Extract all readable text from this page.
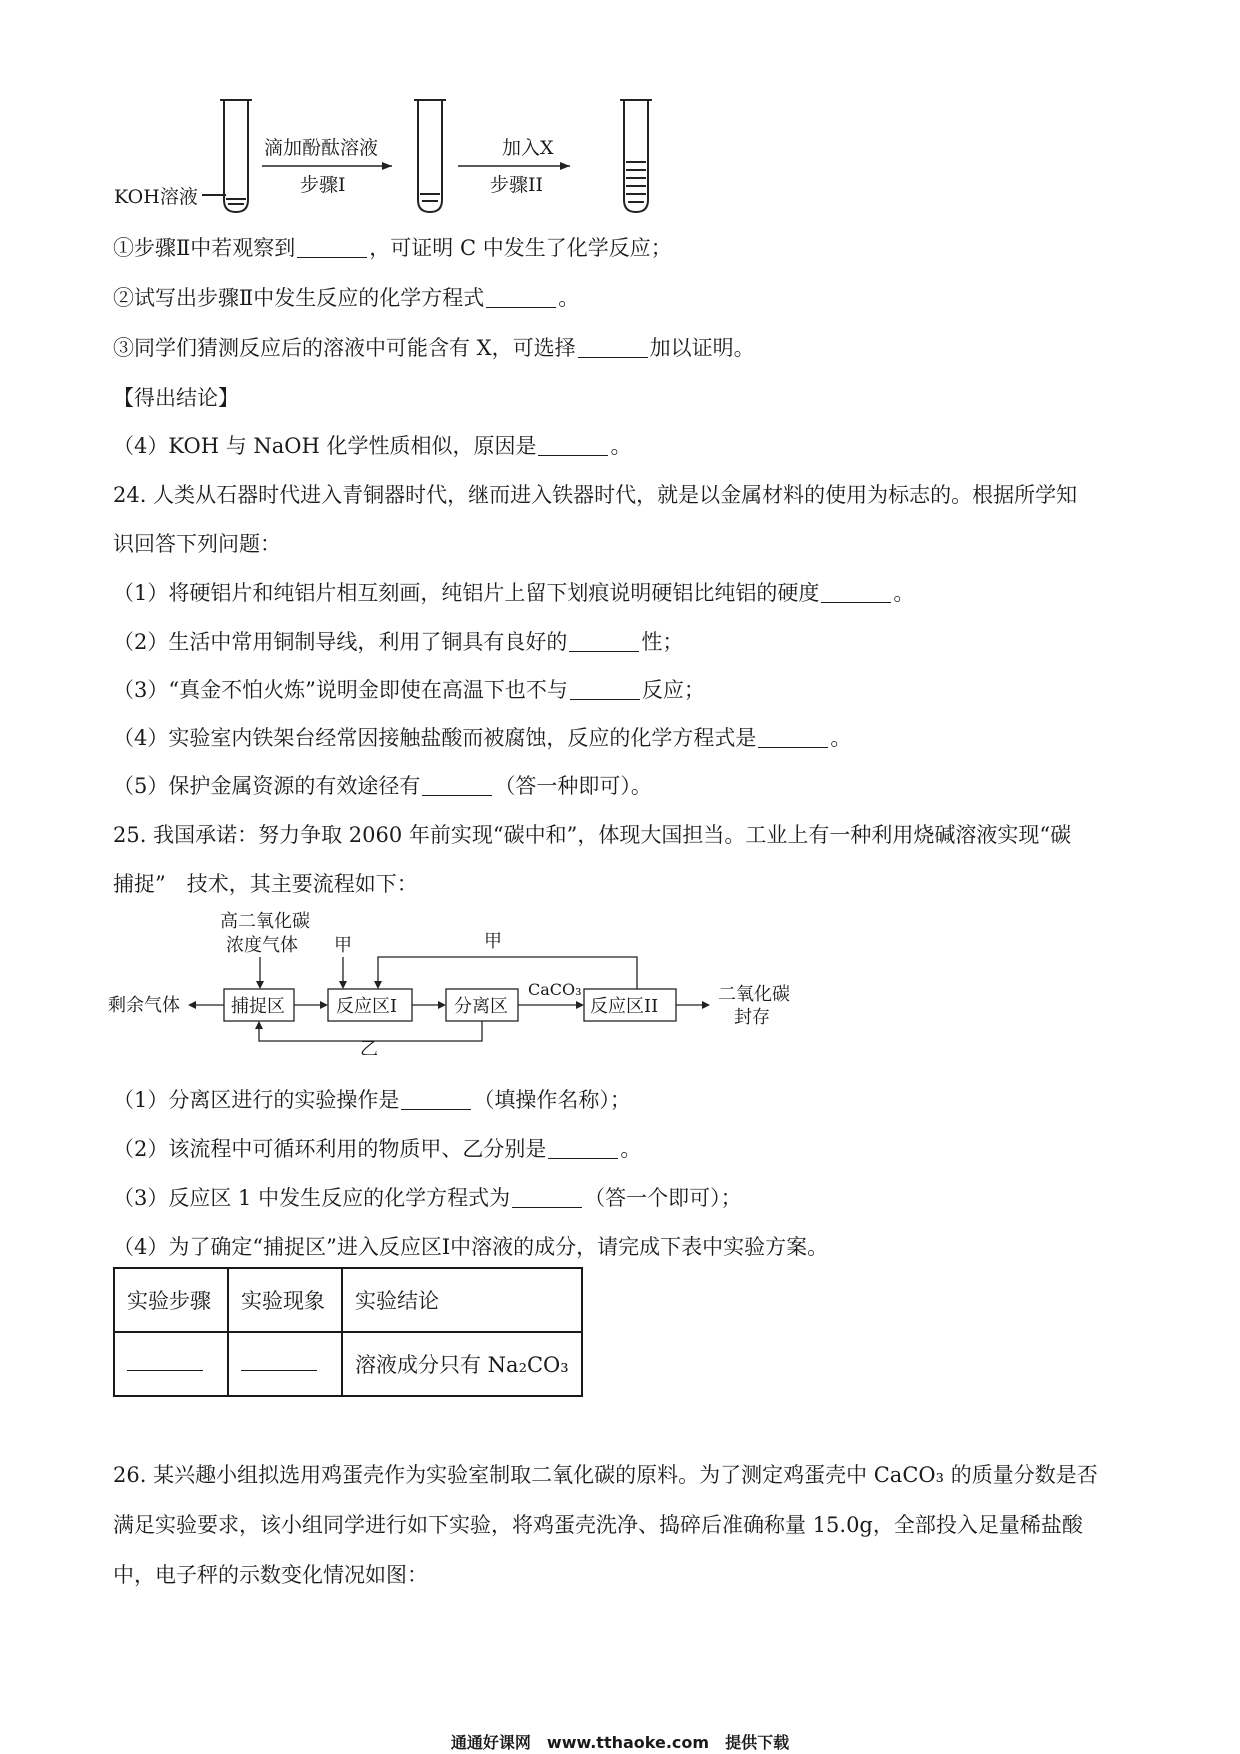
KOH溶液
滴加酚酞溶液
步骤I
加入X
步骤II
①步骤Ⅱ中若观察到	，可证明 C 中发生了化学反应；
②试写出步骤Ⅱ中发生反应的化学方程式	。
③同学们猜测反应后的溶液中可能含有 X，可选择	加以证明。
【得出结论】
（4）KOH 与 NaOH 化学性质相似，原因是	。
24. 人类从石器时代进入青铜器时代，继而进入铁器时代，就是以金属材料的使用为标志的。根据所学知
识回答下列问题：
（1）将硬铝片和纯铝片相互刻画，纯铝片上留下划痕说明硬铝比纯铝的硬度	。
（2）生活中常用铜制导线，利用了铜具有良好的	性；
（3）“真金不怕火炼”说明金即使在高温下也不与	反应；
（4）实验室内铁架台经常因接触盐酸而被腐蚀，反应的化学方程式是	。
（5）保护金属资源的有效途径有	（答一种即可）。
25. 我国承诺：努力争取 2060 年前实现“碳中和”，体现大国担当。工业上有一种利用烧碱溶液实现“碳
捕捉”　技术，其主要流程如下：
高二氧化碳
浓度气体 甲	甲
剩余气体	捕捉区	反应区I	分离区
CaCO₃
反应区II
二氧化碳
封存
乙
（1）分离区进行的实验操作是	（填操作名称）；
（2）该流程中可循环利用的物质甲、乙分别是	。
（3）反应区 1 中发生反应的化学方程式为	（答一个即可）；
（4）为了确定“捕捉区”进入反应区Ⅰ中溶液的成分，请完成下表中实验方案。
实验步骤	实验现象	实验结论
		溶液成分只有 Na₂CO₃
26. 某兴趣小组拟选用鸡蛋壳作为实验室制取二氧化碳的原料。为了测定鸡蛋壳中 CaCO₃ 的质量分数是否
满足实验要求，该小组同学进行如下实验，将鸡蛋壳洗净、捣碎后准确称量 15.0g，全部投入足量稀盐酸
中，电子秤的示数变化情况如图：
通通好课网　www.tthaoke.com　提供下载
